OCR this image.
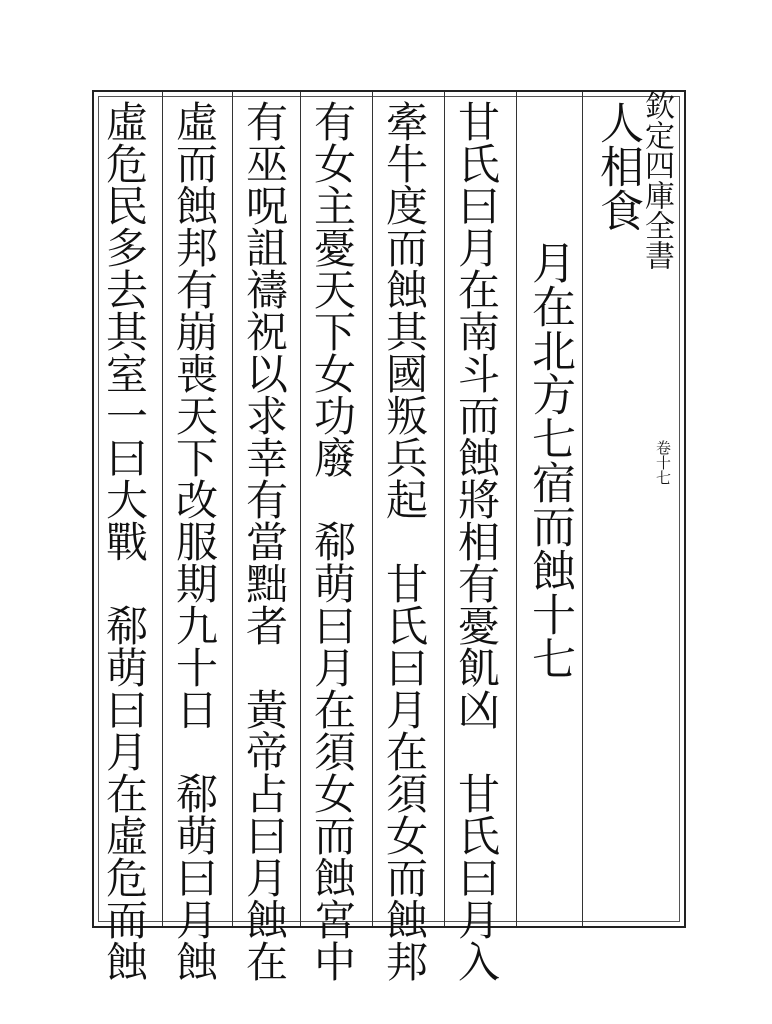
欽定四庫全書
卷十七
人相食
月在北方七宿而蝕十七
甘氏曰月在南斗而蝕將相有憂飢凶　甘氏曰月入
牽牛度而蝕其國叛兵起　甘氏曰月在須女而蝕邦
有女主憂天下女功廢　郗萌曰月在須女而蝕宮中
有巫呪詛禱祝以求幸有當黜者　黃帝占曰月蝕在
虛而蝕邦有崩喪天下改服期九十日　郗萌曰月蝕
虛危民多去其室一曰大戰　郗萌曰月在虛危而蝕
